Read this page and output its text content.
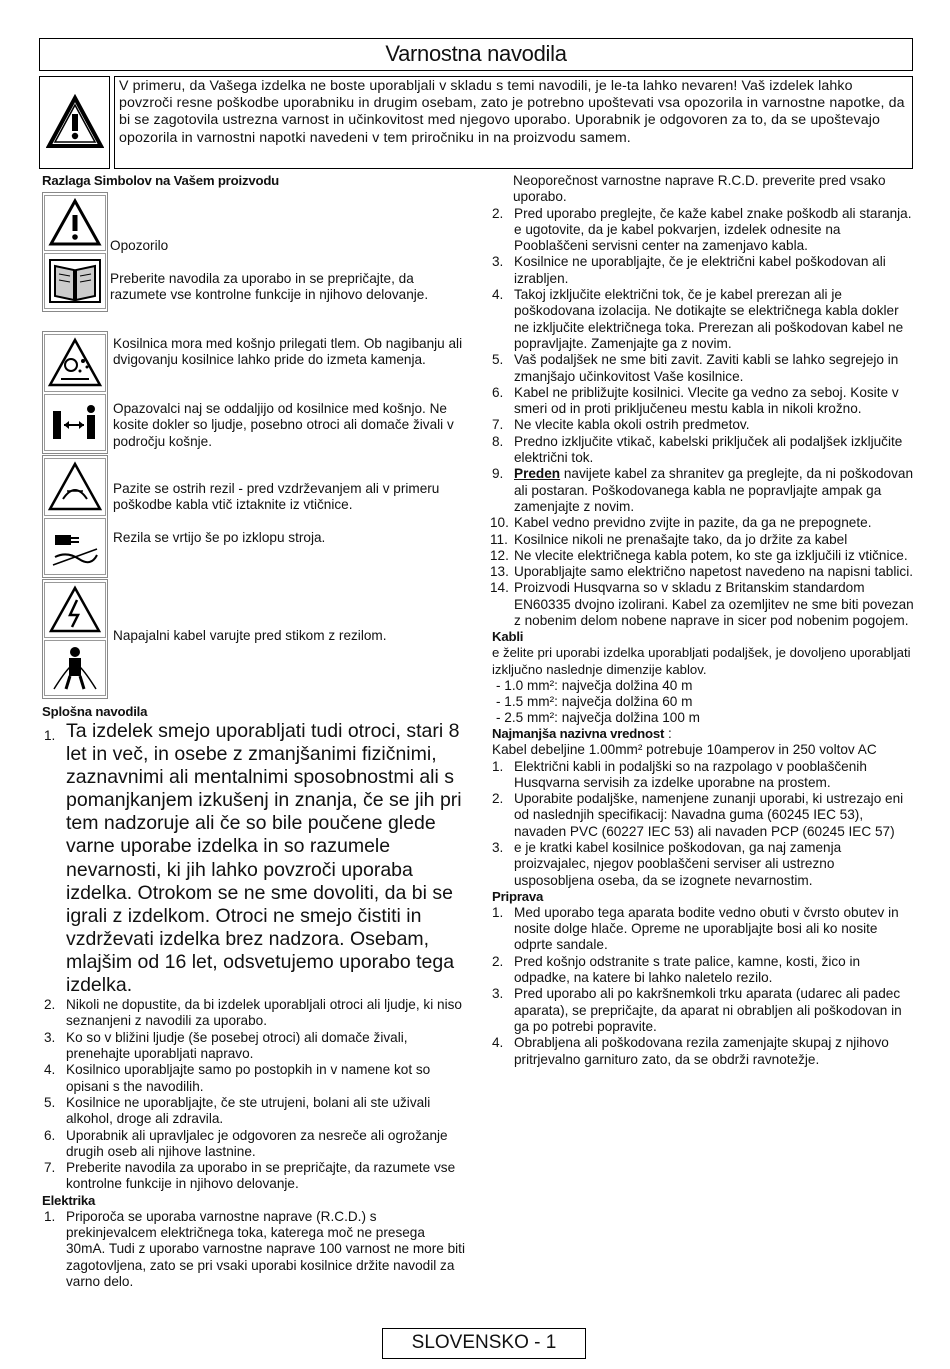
Varnostna navodila
V primeru, da Vašega izdelka ne boste uporabljali v skladu s temi navodili, je le-ta lahko nevaren! Vaš izdelek lahko povzroči resne poškodbe uporabniku in drugim osebam, zato je potrebno upoštevati vsa opozorila in varnostne napotke, da bi se zagotovila ustrezna varnost in učinkovitost med njegovo uporabo. Uporabnik je odgovoren za to, da se upoštevajo opozorila in varnostni napotki navedeni v tem priročniku in na proizvodu samem.
Razlaga Simbolov na Vašem proizvodu
Opozorilo
Preberite navodila za uporabo in se prepričajte, da razumete vse kontrolne funkcije in njihovo delovanje.
Kosilnica mora med košnjo prilegati tlem. Ob nagibanju ali dvigovanju kosilnice lahko pride do izmeta kamenja.
Opazovalci naj se oddaljijo od kosilnice med košnjo. Ne kosite dokler so ljudje, posebno otroci ali domače živali v področju košnje.
Pazite se ostrih rezil - pred vzdrževanjem ali v primeru poškodbe kabla vtič iztaknite iz vtičnice.
Rezila se vrtijo še po izklopu stroja.
Napajalni kabel varujte pred stikom z rezilom.
Splošna navodila
1. Ta izdelek smejo uporabljati tudi otroci, stari 8 let in več, in osebe z zmanjšanimi fizičnimi, zaznavnimi ali mentalnimi sposobnostmi ali s pomanjkanjem izkušenj in znanja, če se jih pri tem nadzoruje ali če so bile poučene glede varne uporabe izdelka in so razumele nevarnosti, ki jih lahko povzroči uporaba izdelka. Otrokom se ne sme dovoliti, da bi se igrali z izdelkom. Otroci ne smejo čistiti in vzdrževati izdelka brez nadzora. Osebam, mlajšim od 16 let, odsvetujemo uporabo tega izdelka.
2. Nikoli ne dopustite, da bi izdelek uporabljali otroci ali ljudje, ki niso seznanjeni z navodili za uporabo.
3. Ko so v bližini ljudje (še posebej otroci) ali domače živali, prenehajte uporabljati napravo.
4. Kosilnico uporabljajte samo po postopkih in v namene kot so opisani s the navodilih.
5. Kosilnice ne uporabljajte, če ste utrujeni, bolani ali ste uživali alkohol, droge ali zdravila.
6. Uporabnik ali upravljalec je odgovoren za nesreče ali ogrožanje drugih oseb ali njihove lastnine.
7. Preberite navodila za uporabo in se prepričajte, da razumete vse kontrolne funkcije in njihovo delovanje.
Elektrika
1. Priporoča se uporaba varnostne naprave (R.C.D.) s prekinjevalcem električnega toka, katerega moč ne presega 30mA. Tudi z uporabo varnostne naprave 100 varnost ne more biti zagotovljena, zato se pri vsaki uporabi kosilnice držite navodil za varno delo.
Neoporečnost varnostne naprave R.C.D. preverite pred vsako uporabo.
2. Pred uporabo preglejte, če kaže kabel znake poškodb ali staranja. e ugotovite, da je kabel pokvarjen, izdelek odnesite na Pooblaščeni servisni center na zamenjavo kabla.
3. Kosilnice ne uporabljajte, če je električni kabel poškodovan ali izrabljen.
4. Takoj izključite električni tok, če je kabel prerezan ali je poškodovana izolacija. Ne dotikajte se električnega kabla dokler ne izključite električnega toka. Prerezan ali poškodovan kabel ne popravljajte. Zamenjajte ga z novim.
5. Vaš podaljšek ne sme biti zavit. Zaviti kabli se lahko segrejejo in zmanjšajo učinkovitost Vaše kosilnice.
6. Kabel ne približujte kosilnici. Vlecite ga vedno za seboj. Kosite v smeri od in proti priključeneu mestu kabla in nikoli krožno.
7. Ne vlecite kabla okoli ostrih predmetov.
8. Predno izključite vtikač, kabelski priključek ali podaljšek izključite električni tok.
9. Preden navijete kabel za shranitev ga preglejte, da ni poškodovan ali postaran. Poškodovanega kabla ne popravljajte ampak ga zamenjajte z novim.
10. Kabel vedno previdno zvijte in pazite, da ga ne prepognete.
11. Kosilnice nikoli ne prenašajte tako, da jo držite za kabel
12. Ne vlecite električnega kabla potem, ko ste ga izključili iz vtičnice.
13. Uporabljajte samo električno napetost navedeno na napisni tablici.
14. Proizvodi Husqvarna so v skladu z Britanskim standardom EN60335 dvojno izolirani. Kabel za ozemljitev ne sme biti povezan z nobenim delom nobene naprave in sicer pod nobenim pogojem.
Kabli
e želite pri uporabi izdelka uporabljati podaljšek, je dovoljeno uporabljati izključno naslednje dimenzije kablov.
- 1.0 mm²: največja dolžina 40 m
- 1.5 mm²: največja dolžina 60 m
- 2.5 mm²: največja dolžina 100 m
Najmanjša nazivna vrednost :
Kabel debeljine 1.00mm² potrebuje 10amperov in 250 voltov AC
1. Električni kabli in podaljški so na razpolago v pooblaščenih Husqvarna servisih za izdelke uporabne na prostem.
2. Uporabite podaljške, namenjene zunanji uporabi, ki ustrezajo eni od naslednjih specifikacij: Navadna guma (60245 IEC 53), navaden PVC (60227 IEC 53) ali navaden PCP (60245 IEC 57)
3. e je kratki kabel kosilnice poškodovan, ga naj zamenja proizvajalec, njegov pooblaščeni serviser ali ustrezno usposobljena oseba, da se izognete nevarnostim.
Priprava
1. Med uporabo tega aparata bodite vedno obuti v čvrsto obutev in nosite dolge hlače. Opreme ne uporabljajte bosi ali ko nosite odprte sandale.
2. Pred košnjo odstranite s trate palice, kamne, kosti, žico in odpadke, na katere bi lahko naletelo rezilo.
3. Pred uporabo ali po kakršnemkoli trku aparata (udarec ali padec aparata), se prepričajte, da aparat ni obrabljen ali poškodovan in ga po potrebi popravite.
4. Obrabljena ali poškodovana rezila zamenjajte skupaj z njihovo pritrjevalno garnituro zato, da se obdrži ravnotežje.
SLOVENSKO - 1
